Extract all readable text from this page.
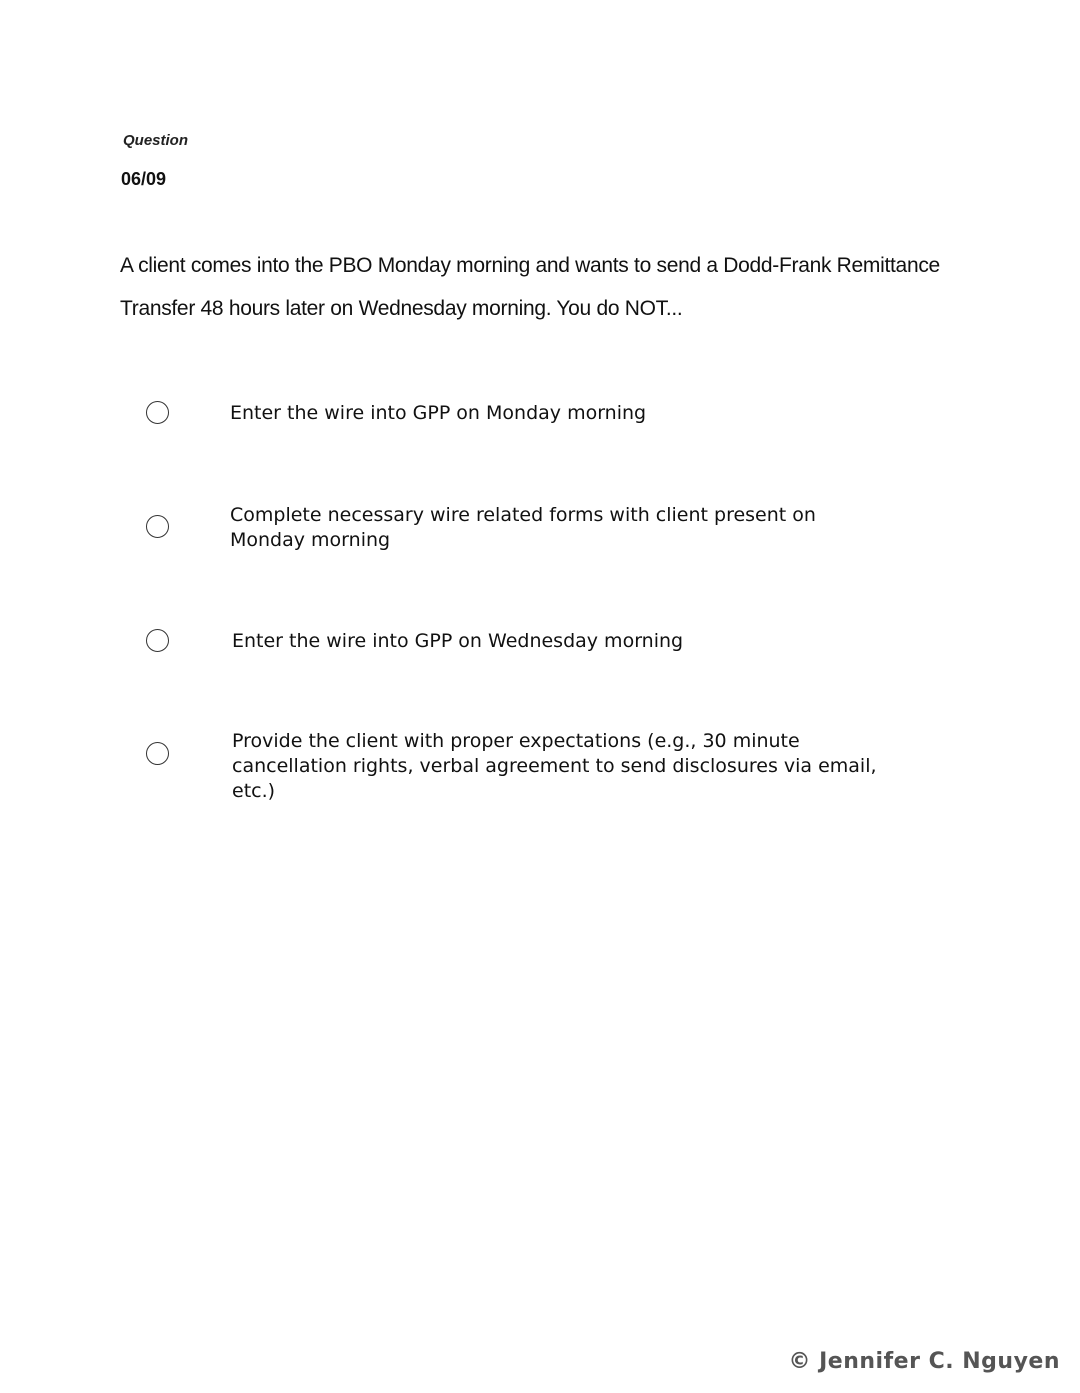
Question
06/09
A client comes into the PBO Monday morning and wants to send a Dodd-Frank Remittance Transfer 48 hours later on Wednesday morning. You do NOT...
Enter the wire into GPP on Monday morning
Complete necessary wire related forms with client present on Monday morning
Enter the wire into GPP on Wednesday morning
Provide the client with proper expectations (e.g., 30 minute cancellation rights, verbal agreement to send disclosures via email, etc.)
© Jennifer C. Nguyen
